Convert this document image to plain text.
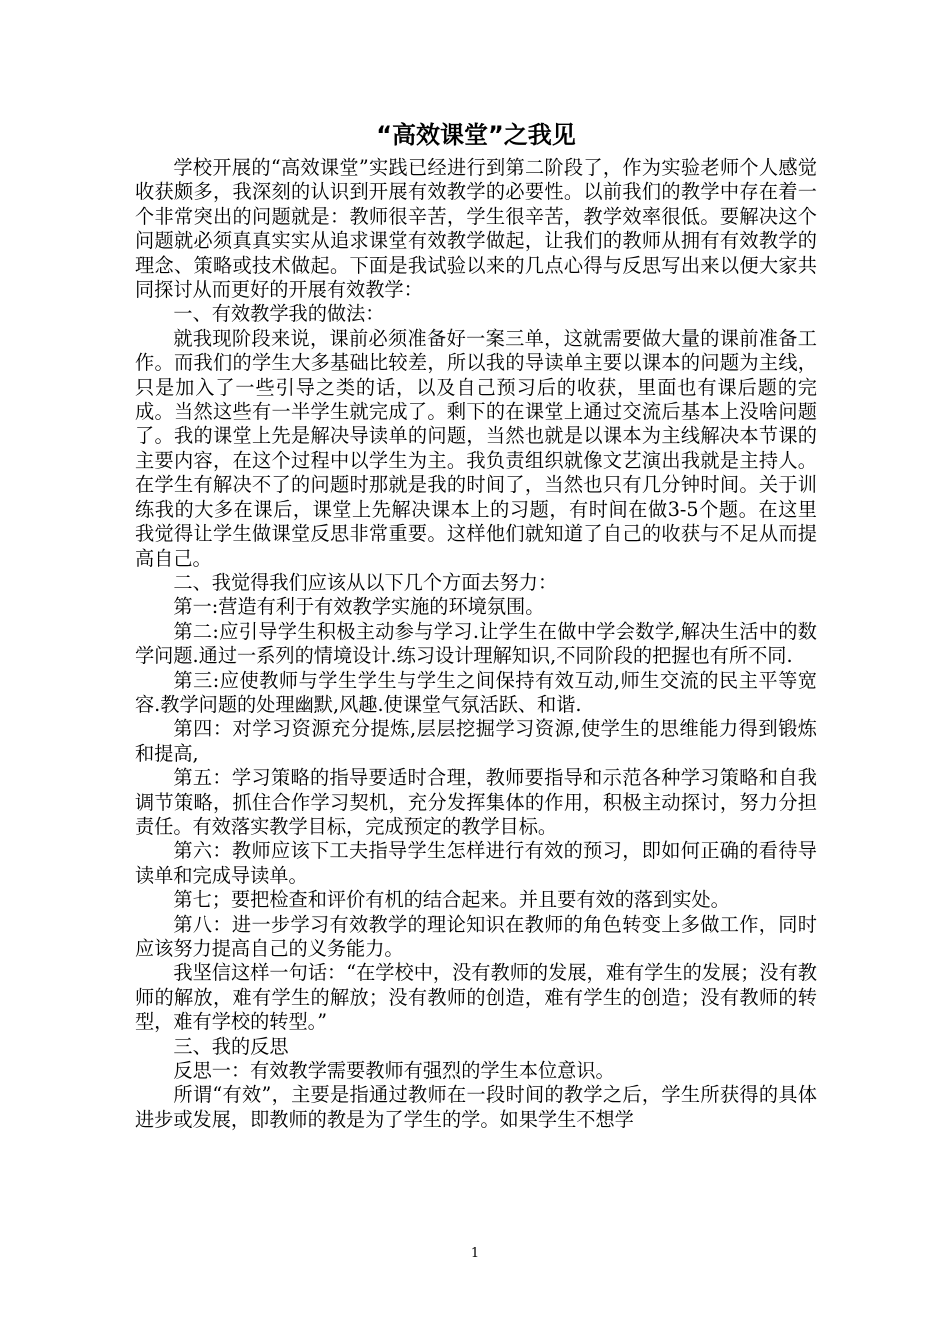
“高效课堂”之我见

学校开展的“高效课堂”实践已经进行到第二阶段了，作为实验老师个人感觉收获颇多，我深刻的认识到开展有效教学的必要性。以前我们的教学中存在着一个非常突出的问题就是：教师很辛苦，学生很辛苦，教学效率很低。要解决这个问题就必须真真实实从追求课堂有效教学做起，让我们的教师从拥有有效教学的理念、策略或技术做起。下面是我试验以来的几点心得与反思写出来以便大家共同探讨从而更好的开展有效教学：

一、有效教学我的做法：

就我现阶段来说，课前必须准备好一案三单，这就需要做大量的课前准备工作。而我们的学生大多基础比较差，所以我的导读单主要以课本的问题为主线，只是加入了一些引导之类的话，以及自己预习后的收获，里面也有课后题的完成。当然这些有一半学生就完成了。剩下的在课堂上通过交流后基本上没啥问题了。我的课堂上先是解决导读单的问题，当然也就是以课本为主线解决本节课的主要内容，在这个过程中以学生为主。我负责组织就像文艺演出我就是主持人。在学生有解决不了的问题时那就是我的时间了，当然也只有几分钟时间。关于训练我的大多在课后，课堂上先解决课本上的习题，有时间在做3-5个题。在这里我觉得让学生做课堂反思非常重要。这样他们就知道了自己的收获与不足从而提高自己。

二、我觉得我们应该从以下几个方面去努力：

第一:营造有利于有效教学实施的环境氛围。

第二:应引导学生积极主动参与学习.让学生在做中学会数学,解决生活中的数学问题.通过一系列的情境设计.练习设计理解知识,不同阶段的把握也有所不同.

第三:应使教师与学生学生与学生之间保持有效互动,师生交流的民主平等宽容.教学问题的处理幽默,风趣.使课堂气氛活跃、和谐.

第四：对学习资源充分提炼,层层挖掘学习资源,使学生的思维能力得到锻炼和提高,

第五：学习策略的指导要适时合理，教师要指导和示范各种学习策略和自我调节策略，抓住合作学习契机，充分发挥集体的作用，积极主动探讨，努力分担责任。有效落实教学目标，完成预定的教学目标。

第六：教师应该下工夫指导学生怎样进行有效的预习，即如何正确的看待导读单和完成导读单。

第七；要把检查和评价有机的结合起来。并且要有效的落到实处。

第八：进一步学习有效教学的理论知识在教师的角色转变上多做工作，同时应该努力提高自己的义务能力。

我坚信这样一句话：“在学校中，没有教师的发展，难有学生的发展；没有教师的解放，难有学生的解放；没有教师的创造，难有学生的创造；没有教师的转型，难有学校的转型。”

三、我的反思

反思一：有效教学需要教师有强烈的学生本位意识。

所谓“有效”，主要是指通过教师在一段时间的教学之后，学生所获得的具体进步或发展，即教师的教是为了学生的学。如果学生不想学

1
